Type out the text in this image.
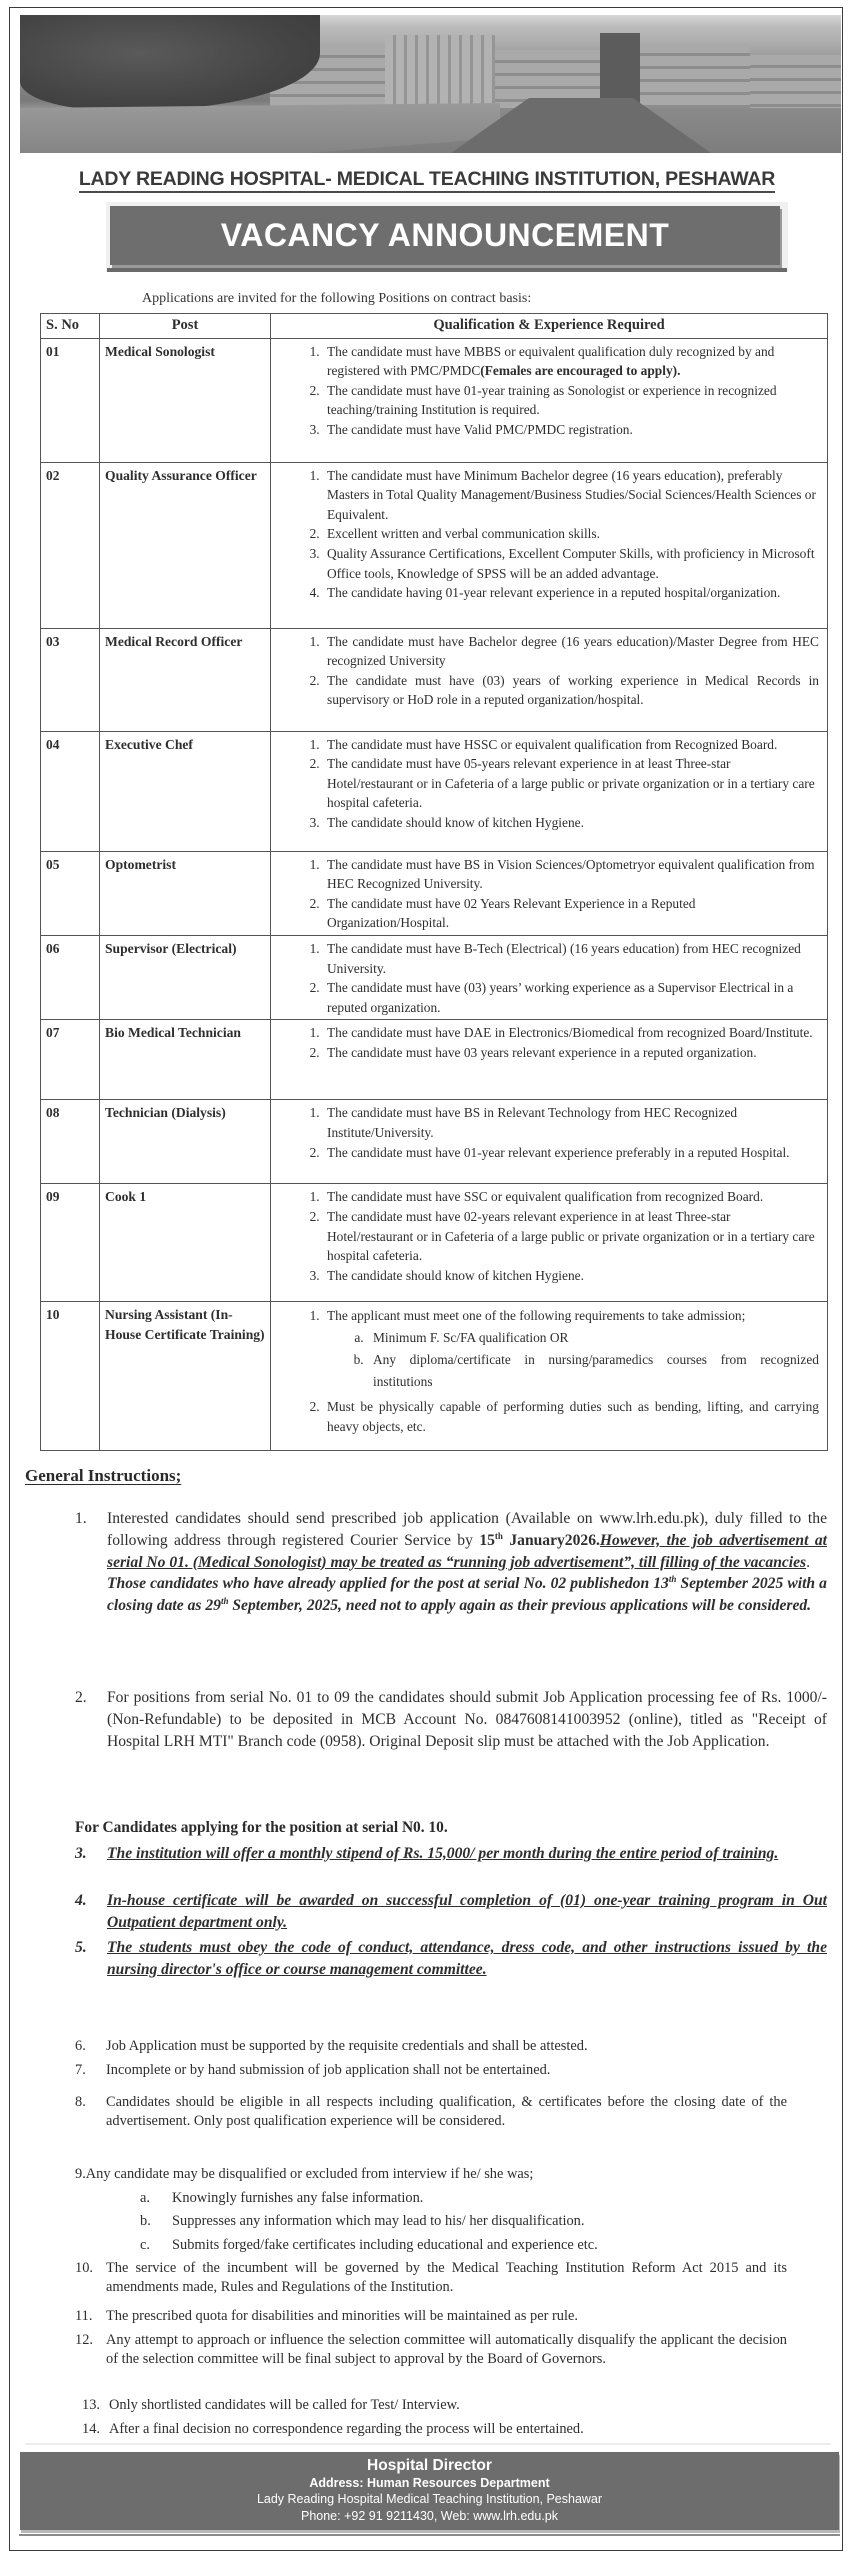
LADY READING HOSPITAL- MEDICAL TEACHING INSTITUTION, PESHAWAR
VACANCY ANNOUNCEMENT
Applications are invited for the following Positions on contract basis:
S. No	Post	Qualification & Experience Required
01	Medical Sonologist	
1.The candidate must have MBBS or equivalent qualification duly recognized by and registered with PMC/PMDC(Females are encouraged to apply).
2. The candidate must have 01-year training as Sonologist or experience in recognized teaching/training Institution is required.
3. The candidate must have Valid PMC/PMDC registration.

02	Quality Assurance Officer	
1.The candidate must have Minimum Bachelor degree (16 years education), preferably Masters in Total Quality Management/Business Studies/Social Sciences/Health Sciences or Equivalent.
2. Excellent written and verbal communication skills.
3. Quality Assurance Certifications, Excellent Computer Skills, with proficiency in Microsoft Office tools, Knowledge of SPSS will be an added advantage.
4. The candidate having 01-year relevant experience in a reputed hospital/organization.

03	Medical Record Officer	
1.The candidate must have Bachelor degree (16 years education)/Master Degree from HEC recognized University
2. The candidate must have (03) years of working experience in Medical Records in supervisory or HoD role in a reputed organization/hospital.

04	Executive Chef	
1.The candidate must have HSSC or equivalent qualification from Recognized Board.
2. The candidate must have 05-years relevant experience in at least Three-star Hotel/restaurant or in Cafeteria of a large public or private organization or in a tertiary care hospital cafeteria.
3. The candidate should know of kitchen Hygiene.

05	Optometrist	
1.The candidate must have BS in Vision Sciences/Optometryor equivalent qualification from HEC Recognized University.
2. The candidate must have 02 Years Relevant Experience in a Reputed Organization/Hospital.

06	Supervisor (Electrical)	
1.The candidate must have B-Tech (Electrical) (16 years education) from HEC recognized University.
2. The candidate must have (03) years’ working experience as a Supervisor Electrical in a reputed organization.

07	Bio Medical Technician	
1.The candidate must have DAE in Electronics/Biomedical from recognized Board/Institute.
2. The candidate must have 03 years relevant experience in a reputed organization.

08	Technician (Dialysis)	
1.The candidate must have BS in Relevant Technology from HEC Recognized Institute/University.
2. The candidate must have 01-year relevant experience preferably in a reputed Hospital.

09	Cook 1	
1.The candidate must have SSC or equivalent qualification from recognized Board.
2. The candidate must have 02-years relevant experience in at least Three-star Hotel/restaurant or in Cafeteria of a large public or private organization or in a tertiary care hospital cafeteria.
3. The candidate should know of kitchen Hygiene.

10	Nursing Assistant (In-House Certificate Training)	
1. The applicant must meet one of the following requirements to take admission;
a. Minimum F. Sc/FA qualification OR
b. Any diploma/certificate in nursing/paramedics courses from recognized institutions
2. Must be physically capable of performing duties such as bending, lifting, and carrying heavy objects, etc.
General Instructions;
1. Interested candidates should send prescribed job application (Available on www.lrh.edu.pk), duly filled to the following address through registered Courier Service by 15th January2026.However, the job advertisement at serial No 01. (Medical Sonologist) may be treated as “running job advertisement”, till filling of the vacancies.
Those candidates who have already applied for the post at serial No. 02 publishedon 13th September 2025 with a closing date as 29th September, 2025, need not to apply again as their previous applications will be considered.
2. For positions from serial No. 01 to 09 the candidates should submit Job Application processing fee of Rs. 1000/- (Non-Refundable) to be deposited in MCB Account No. 0847608141003952 (online), titled as "Receipt of Hospital LRH MTI" Branch code (0958). Original Deposit slip must be attached with the Job Application.
For Candidates applying for the position at serial N0. 10.
3. The institution will offer a monthly stipend of Rs. 15,000/ per month during the entire period of training.
4. In-house certificate will be awarded on successful completion of (01) one-year training program in Out Outpatient department only.
5. The students must obey the code of conduct, attendance, dress code, and other instructions issued by the nursing director's office or course management committee.
6. Job Application must be supported by the requisite credentials and shall be attested.
7. Incomplete or by hand submission of job application shall not be entertained.
8. Candidates should be eligible in all respects including qualification, & certificates before the closing date of the advertisement. Only post qualification experience will be considered.
9.Any candidate may be disqualified or excluded from interview if he/ she was;
a. Knowingly furnishes any false information.
b. Suppresses any information which may lead to his/ her disqualification.
c. Submits forged/fake certificates including educational and experience etc.
10. The service of the incumbent will be governed by the Medical Teaching Institution Reform Act 2015 and its amendments made, Rules and Regulations of the Institution.
11. The prescribed quota for disabilities and minorities will be maintained as per rule.
12. Any attempt to approach or influence the selection committee will automatically disqualify the applicant the decision of the selection committee will be final subject to approval by the Board of Governors.
13. Only shortlisted candidates will be called for Test/ Interview.
14. After a final decision no correspondence regarding the process will be entertained.
Hospital Director
Address: Human Resources Department
Lady Reading Hospital Medical Teaching Institution, Peshawar
Phone: +92 91 9211430, Web: www.lrh.edu.pk
